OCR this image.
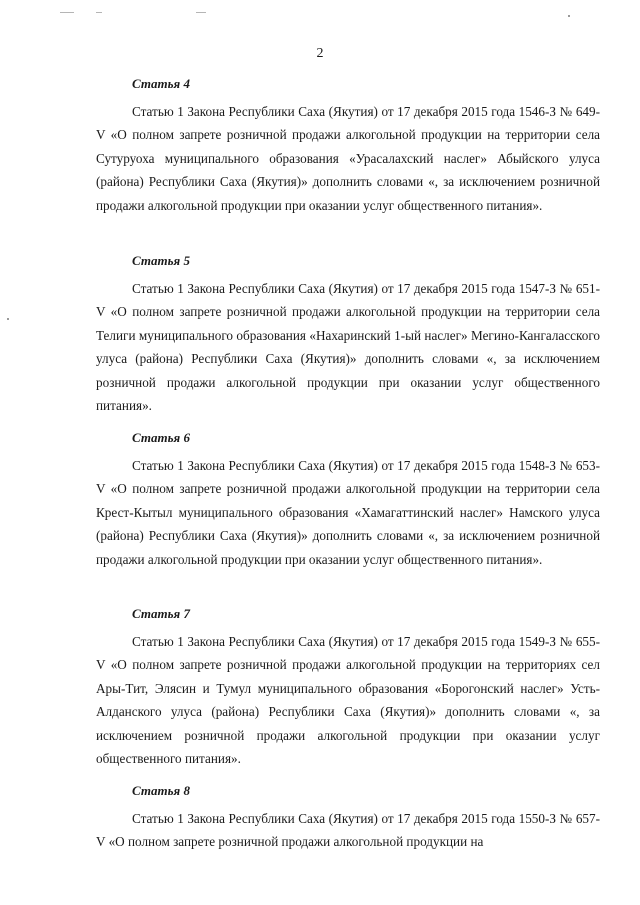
2
Статья 4

Статью 1 Закона Республики Саха (Якутия) от 17 декабря 2015 года 1546-З № 649-V «О полном запрете розничной продажи алкогольной продукции на территории села Сутуруоха муниципального образования «Урасалахский наслег» Абыйского улуса (района) Республики Саха (Якутия)» дополнить словами «, за исключением розничной продажи алкогольной продукции при оказании услуг общественного питания».

Статья 5

Статью 1 Закона Республики Саха (Якутия) от 17 декабря 2015 года 1547-З № 651-V «О полном запрете розничной продажи алкогольной продукции на территории села Телиги муниципального образования «Нахаринский 1-ый наслег» Мегино-Кангаласского улуса (района) Республики Саха (Якутия)» дополнить словами «, за исключением розничной продажи алкогольной продукции при оказании услуг общественного питания».

Статья 6

Статью 1 Закона Республики Саха (Якутия) от 17 декабря 2015 года 1548-З № 653-V «О полном запрете розничной продажи алкогольной продукции на территории села Крест-Кытыл муниципального образования «Хамагаттинский наслег» Намского улуса (района) Республики Саха (Якутия)» дополнить словами «, за исключением розничной продажи алкогольной продукции при оказании услуг общественного питания».

Статья 7

Статью 1 Закона Республики Саха (Якутия) от 17 декабря 2015 года 1549-З № 655-V «О полном запрете розничной продажи алкогольной продукции на территориях сел Ары-Тит, Элясин и Тумул муниципального образования «Борогонский наслег» Усть-Алданского улуса (района) Республики Саха (Якутия)» дополнить словами «, за исключением розничной продажи алкогольной продукции при оказании услуг общественного питания».

Статья 8

Статью 1 Закона Республики Саха (Якутия) от 17 декабря 2015 года 1550-З № 657-V «О полном запрете розничной продажи алкогольной продукции на
